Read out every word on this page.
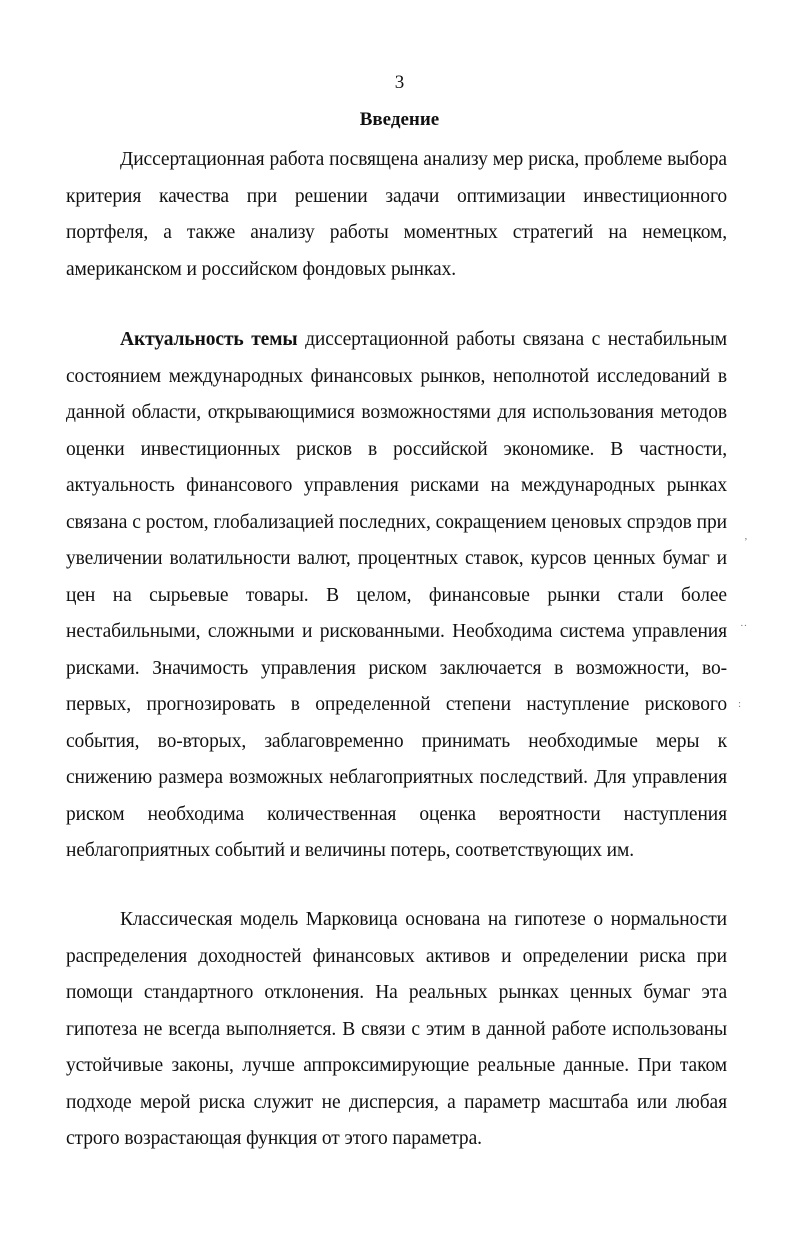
3
Введение

Диссертационная работа посвящена анализу мер риска, проблеме выбора критерия качества при решении задачи оптимизации инвестиционного портфеля, а также анализу работы моментных стратегий на немецком, американском и российском фондовых рынках.

Актуальность темы диссертационной работы связана с нестабильным состоянием международных финансовых рынков, неполнотой исследований в данной области, открывающимися возможностями для использования методов оценки инвестиционных рисков в российской экономике. В частности, актуальность финансового управления рисками на международных рынках связана с ростом, глобализацией последних, сокращением ценовых спрэдов при увеличении волатильности валют, процентных ставок, курсов ценных бумаг и цен на сырьевые товары. В целом, финансовые рынки стали более нестабильными, сложными и рискованными. Необходима система управления рисками. Значимость управления риском заключается в возможности, во-первых, прогнозировать в определенной степени наступление рискового события, во-вторых, заблаговременно принимать необходимые меры к снижению размера возможных неблагоприятных последствий. Для управления риском необходима количественная оценка вероятности наступления неблагоприятных событий и величины потерь, соответствующих им.

Классическая модель Марковица основана на гипотезе о нормальности распределения доходностей финансовых активов и определении риска при помощи стандартного отклонения. На реальных рынках ценных бумаг эта гипотеза не всегда выполняется. В связи с этим в данной работе использованы устойчивые законы, лучше аппроксимирующие реальные данные. При таком подходе мерой риска служит не дисперсия, а параметр масштаба или любая строго возрастающая функция от этого параметра.

ʼ
··
:
